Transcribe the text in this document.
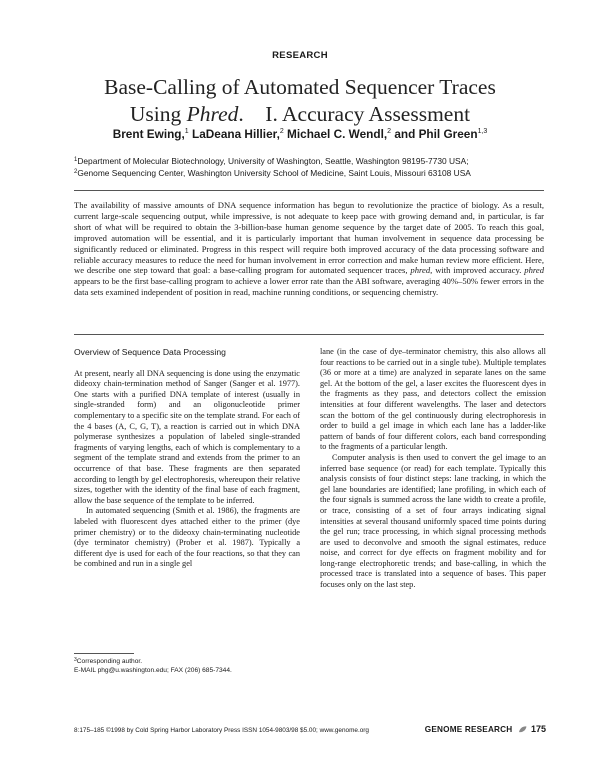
RESEARCH
Base-Calling of Automated Sequencer Traces
Using Phred.    I. Accuracy Assessment
Brent Ewing,$^1$ LaDeana Hillier,$^2$ Michael C. Wendl,$^2$ and Phil Green$^{1,3}$
$^1$Department of Molecular Biotechnology, University of Washington, Seattle, Washington 98195-7730 USA;
$^2$Genome Sequencing Center, Washington University School of Medicine, Saint Louis, Missouri 63108 USA
The availability of massive amounts of DNA sequence information has begun to revolutionize the practice of biology. As a result, current large-scale sequencing output, while impressive, is not adequate to keep pace with growing demand and, in particular, is far short of what will be required to obtain the 3-billion-base human genome sequence by the target date of 2005. To reach this goal, improved automation will be essential, and it is particularly important that human involvement in sequence data processing be significantly reduced or eliminated. Progress in this respect will require both improved accuracy of the data processing software and reliable accuracy measures to reduce the need for human involvement in error correction and make human review more efficient. Here, we describe one step toward that goal: a base-calling program for automated sequencer traces, phred, with improved accuracy. phred appears to be the first base-calling program to achieve a lower error rate than the ABI software, averaging 40%–50% fewer errors in the data sets examined independent of position in read, machine running conditions, or sequencing chemistry.

Overview of Sequence Data Processing

At present, nearly all DNA sequencing is done using the enzymatic dideoxy chain-termination method of Sanger (Sanger et al. 1977). One starts with a purified DNA template of interest (usually in single-stranded form) and an oligonucleotide primer complementary to a specific site on the template strand. For each of the 4 bases (A, C, G, T), a reaction is carried out in which DNA polymerase synthesizes a population of labeled single-stranded fragments of varying lengths, each of which is complementary to a segment of the template strand and extends from the primer to an occurrence of that base. These fragments are then separated according to length by gel electrophoresis, whereupon their relative sizes, together with the identity of the final base of each fragment, allow the base sequence of the template to be inferred.

In automated sequencing (Smith et al. 1986), the fragments are labeled with fluorescent dyes attached either to the primer (dye primer chemistry) or to the dideoxy chain-terminating nucleotide (dye terminator chemistry) (Prober et al. 1987). Typically a different dye is used for each of the four reactions, so that they can be combined and run in a single gel

lane (in the case of dye–terminator chemistry, this also allows all four reactions to be carried out in a single tube). Multiple templates (36 or more at a time) are analyzed in separate lanes on the same gel. At the bottom of the gel, a laser excites the fluorescent dyes in the fragments as they pass, and detectors collect the emission intensities at four different wavelengths. The laser and detectors scan the bottom of the gel continuously during electrophoresis in order to build a gel image in which each lane has a ladder-like pattern of bands of four different colors, each band corresponding to the fragments of a particular length.

Computer analysis is then used to convert the gel image to an inferred base sequence (or read) for each template. Typically this analysis consists of four distinct steps: lane tracking, in which the gel lane boundaries are identified; lane profiling, in which each of the four signals is summed across the lane width to create a profile, or trace, consisting of a set of four arrays indicating signal intensities at several thousand uniformly spaced time points during the gel run; trace processing, in which signal processing methods are used to deconvolve and smooth the signal estimates, reduce noise, and correct for dye effects on fragment mobility and for long-range electrophoretic trends; and base-calling, in which the processed trace is translated into a sequence of bases. This paper focuses only on the last step.

$^3$Corresponding author.
E-MAIL phg@u.washington.edu; FAX (206) 685-7344.
8:175–185 ©1998 by Cold Spring Harbor Laboratory Press ISSN 1054-9803/98 $5.00; www.genome.org	GENOME RESEARCH 175
